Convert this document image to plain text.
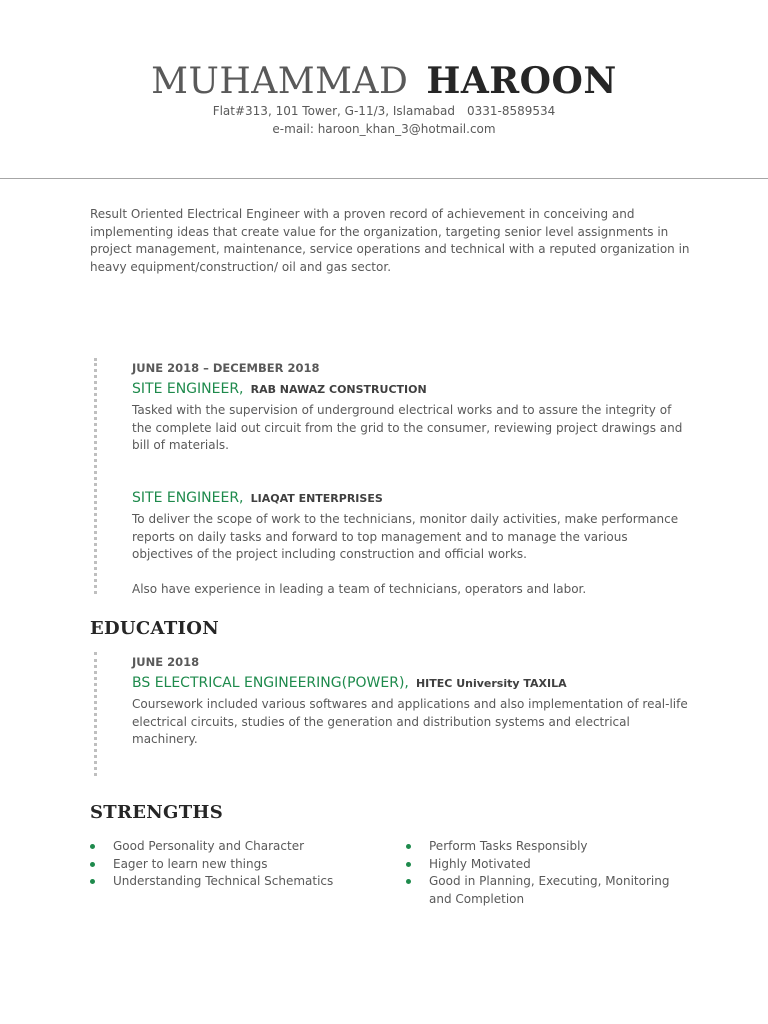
MUHAMMAD HAROON
Flat#313, 101 Tower, G-11/3, Islamabad 0331-8589534
e-mail: haroon_khan_3@hotmail.com
Result Oriented Electrical Engineer with a proven record of achievement in conceiving and implementing ideas that create value for the organization, targeting senior level assignments in project management, maintenance, service operations and technical with a reputed organization in heavy equipment/construction/ oil and gas sector.
JUNE 2018 – DECEMBER 2018
SITE ENGINEER, RAB NAWAZ CONSTRUCTION
Tasked with the supervision of underground electrical works and to assure the integrity of the complete laid out circuit from the grid to the consumer, reviewing project drawings and bill of materials.
SITE ENGINEER, LIAQAT ENTERPRISES
To deliver the scope of work to the technicians, monitor daily activities, make performance reports on daily tasks and forward to top management and to manage the various objectives of the project including construction and official works.
Also have experience in leading a team of technicians, operators and labor.
EDUCATION
JUNE 2018
BS ELECTRICAL ENGINEERING(POWER), HITEC University TAXILA
Coursework included various softwares and applications and also implementation of real-life electrical circuits, studies of the generation and distribution systems and electrical machinery.
STRENGTHS
Good Personality and Character
Eager to learn new things
Understanding Technical Schematics
Perform Tasks Responsibly
Highly Motivated
Good in Planning, Executing, Monitoring and Completion
